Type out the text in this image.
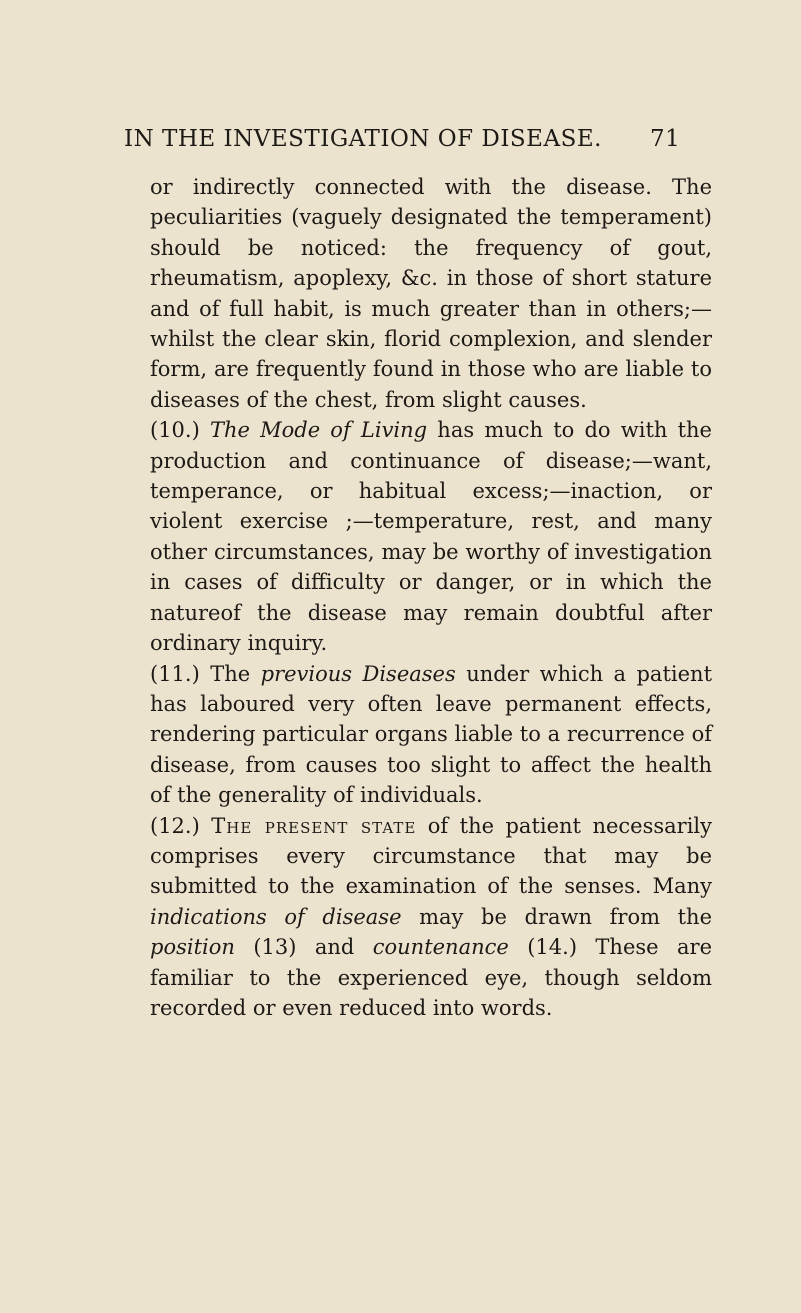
IN THE INVESTIGATION OF DISEASE. 71

or indirectly connected with the disease. The peculiarities (vaguely designated the temperament) should be noticed: the frequency of gout, rheumatism, apoplexy, &c. in those of short stature and of full habit, is much greater than in others;—whilst the clear skin, florid complexion, and slender form, are frequently found in those who are liable to diseases of the chest, from slight causes.

(10.) The Mode of Living has much to do with the production and continuance of disease;—want, temperance, or habitual excess;—inaction, or violent exercise ;—temperature, rest, and many other circumstances, may be worthy of investigation in cases of difficulty or danger, or in which the natureof the disease may remain doubtful after ordinary inquiry.

(11.) The previous Diseases under which a patient has laboured very often leave permanent effects, rendering particular organs liable to a recurrence of disease, from causes too slight to affect the health of the generality of individuals.

(12.) The present state of the patient necessarily comprises every circumstance that may be submitted to the examination of the senses. Many indications of disease may be drawn from the position (13) and countenance (14.) These are familiar to the experienced eye, though seldom recorded or even reduced into words.
